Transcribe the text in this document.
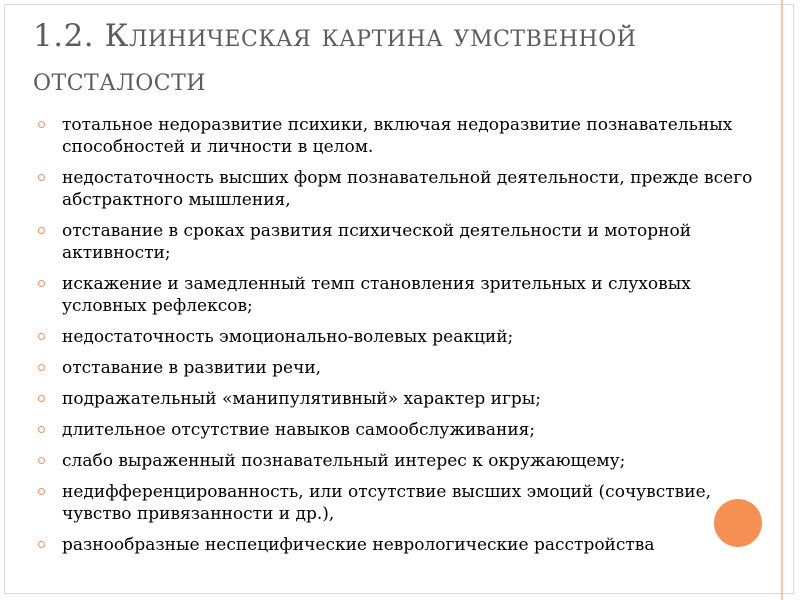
1.2. Клиническая картина умственной
отсталости
тотальное недоразвитие психики, включая недоразвитие познавательных способностей и личности в целом.
недостаточность высших форм познавательной деятельности, прежде всего абстрактного мышления,
отставание в сроках развития психической деятельности и моторной активности;
искажение и замедленный темп становления зрительных и слуховых условных рефлексов;
недостаточность эмоционально-волевых реакций;
отставание в развитии речи,
подражательный «манипулятивный» характер игры;
длительное отсутствие навыков самообслуживания;
слабо выраженный познавательный интерес к окружающему;
недифференцированность, или отсутствие высших эмоций (сочувствие, чувство привязанности и др.),
разнообразные неспецифические неврологические расстройства
